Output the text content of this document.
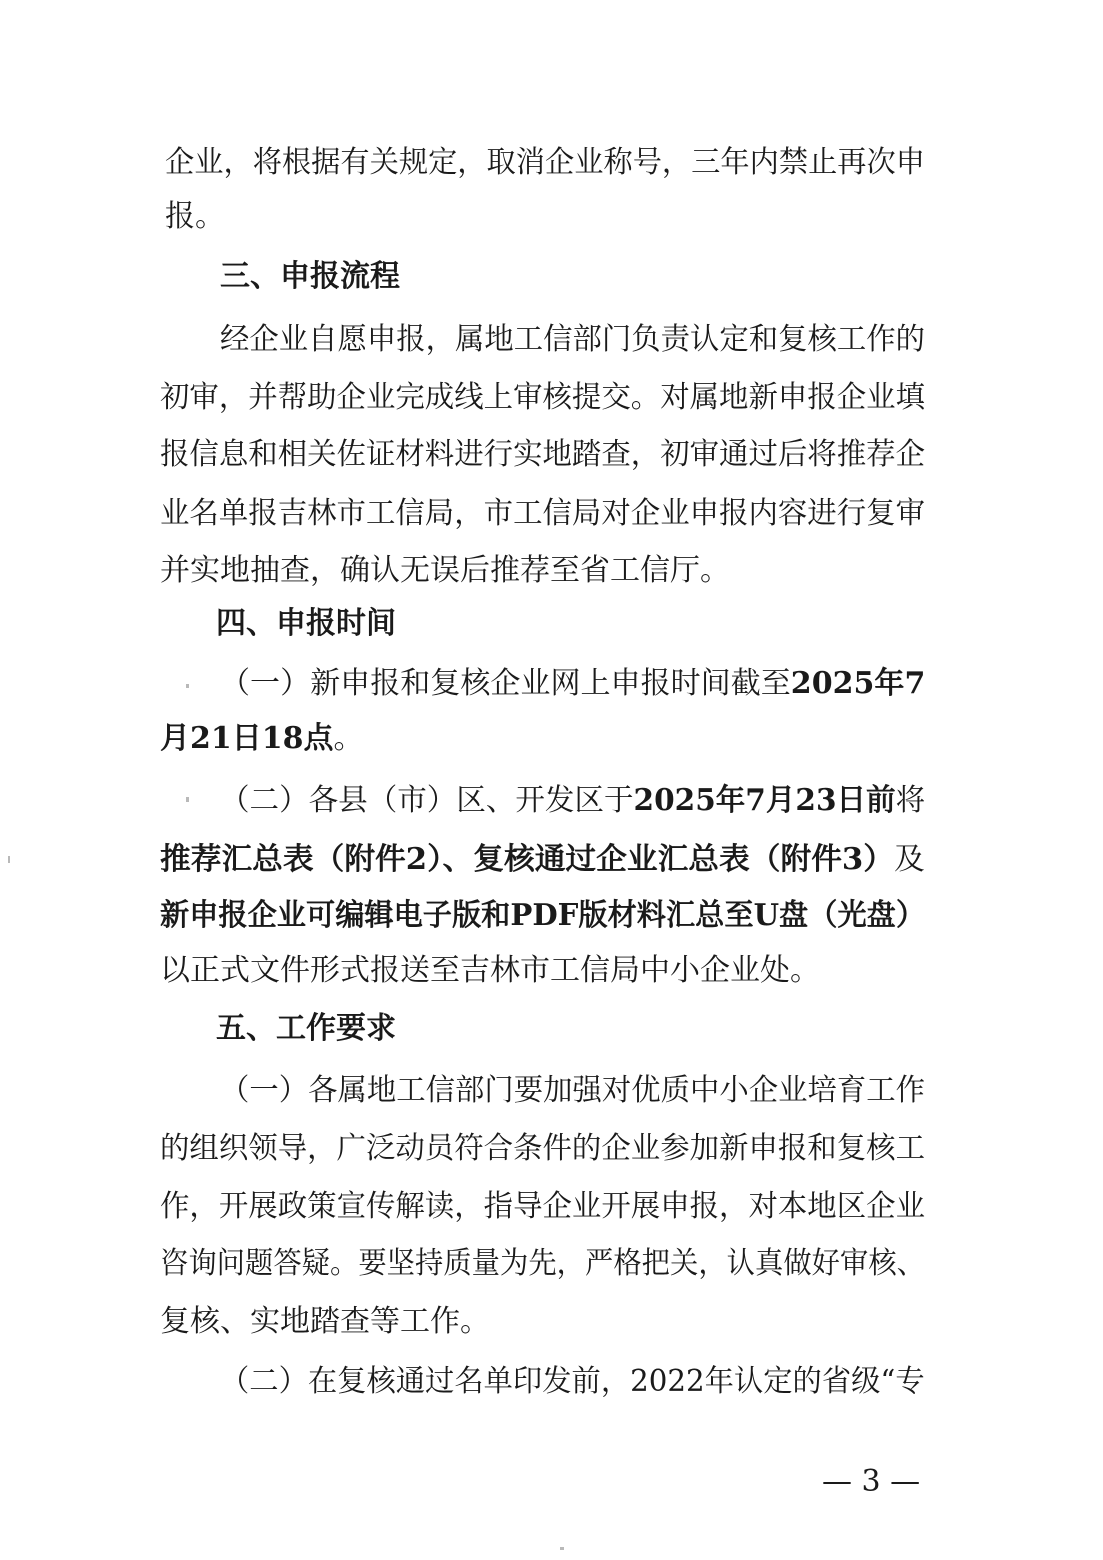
企业，将根据有关规定，取消企业称号，三年内禁止再次申
报。
三、申报流程
经企业自愿申报，属地工信部门负责认定和复核工作的
初审，并帮助企业完成线上审核提交。对属地新申报企业填
报信息和相关佐证材料进行实地踏查，初审通过后将推荐企
业名单报吉林市工信局，市工信局对企业申报内容进行复审
并实地抽查，确认无误后推荐至省工信厅。
四、申报时间
（一）新申报和复核企业网上申报时间截至2025年7
月21日18点。
（二）各县（市）区、开发区于2025年7月23日前将
推荐汇总表（附件2）、复核通过企业汇总表（附件3）及
新申报企业可编辑电子版和PDF版材料汇总至U盘（光盘）
以正式文件形式报送至吉林市工信局中小企业处。
五、工作要求
（一）各属地工信部门要加强对优质中小企业培育工作
的组织领导，广泛动员符合条件的企业参加新申报和复核工
作，开展政策宣传解读，指导企业开展申报，对本地区企业
咨询问题答疑。要坚持质量为先，严格把关，认真做好审核、
复核、实地踏查等工作。
（二）在复核通过名单印发前，2022年认定的省级“专
— 3 —
